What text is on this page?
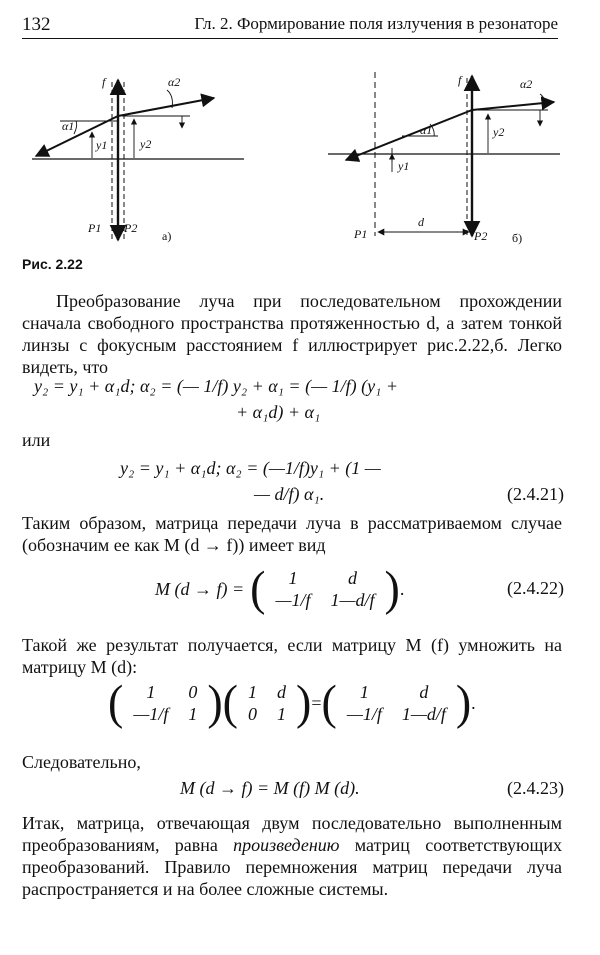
132	Гл. 2. Формирование поля излучения в резонаторе
f
α1
α2
y1	y2
P1 P2
а)
f
α1
α2
y1
y2
d
P1	P2 б)
Рис. 2.22

Преобразование луча при последовательном прохождении сначала свободного пространства протяженностью d, а затем тонкой линзы с фокусным расстоянием f иллюстрирует рис.2.22,б. Легко видеть, что

y₂ = y₁ + α₁d; α₂ = (— 1/f) y₂ + α₁ = (— 1/f) (y₁ +
+ α₁d) + α₁
или
y₂ = y₁ + α₁d; α₂ = (—1/f)y₁ + (1 —
— d/f) α₁.	(2.4.21)

Таким образом, матрица передачи луча в рассматриваемом случае (обозначим ее как M (d → f)) имеет вид

M (d → f) = ( 1	d
—1/f	1—d/f ) .	(2.4.22)

Такой же результат получается, если матрицу M (f) умножить на матрицу M (d):

( 1	0
—1/f	1 ) ( 1	d
0	1 ) = ( 1	d
—1/f	1—d/f ) .
Следовательно,
M (d → f) = M (f) M (d).	(2.4.23)

Итак, матрица, отвечающая двум последовательно выполненным преобразованиям, равна произведению матриц соответствующих преобразований. Правило перемножения матриц передачи луча распространяется и на более сложные системы.
